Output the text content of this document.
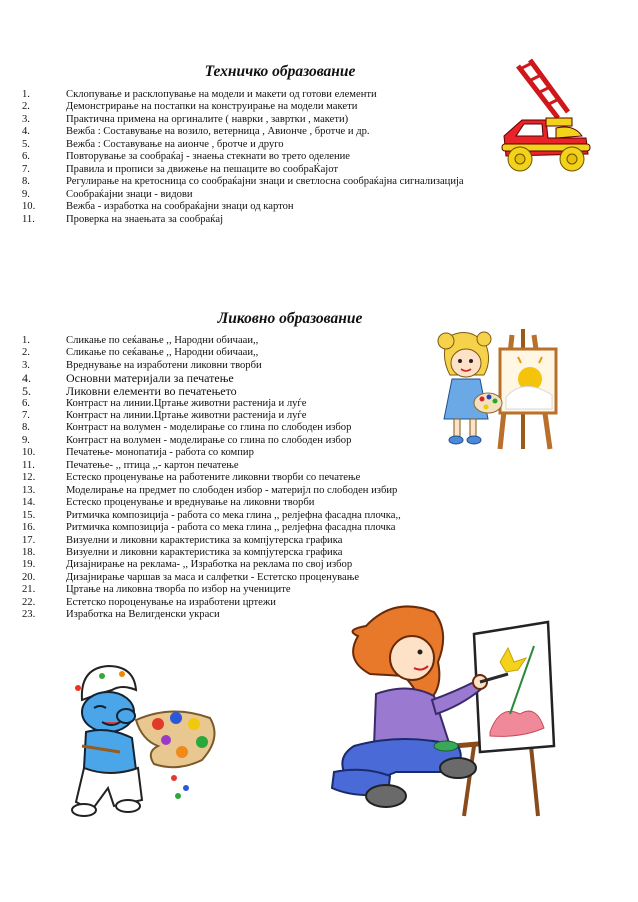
Техничко образование
1.	Склопување и расклопување на модели и макети од готови елементи
2.	Демонстрирање на постапки на конструирање на модели макети
3.	Практична примена на оргиналите ( наврки , завртки , макети)
4.	Вежба : Составување на возило, ветерница , Авионче , бротче и др.
5.	Вежба : Составување на аионче , бротче и друго
6.	Повторување за сообраќај - знаења стекнати во трето оделение
7.	Правила и прописи за движење на пешаците во сообраЌајот
8.	Регулирање на кретосница со сообраќајни знаци и светлосна сообраќајна сигнализација
9.	Сообраќајни знаци - видови
10.	Вежба - изработка на сообраќајни знаци од картон
11.	Проверка на знаењата за сообраќај
Ликовно образование
1.	Сликање по сеќавање ,, Народни обичааи,,
2.	Сликање по сеќавање ,, Народни обичааи,,
3.	Вреднување на изработени ликовни творби
4.	Основни материјали за печатење
5.	Ликовни елементи во печатењето
6.	Контраст на линии.Цртање животни растенија и луѓе
7.	Контраст на линии.Цртање животни растенија и луѓе
8.	Контраст на волумен - моделирање со глина по слободен избор
9.	Контраст на волумен - моделирање со глина по слободен избор
10.	Печатење- монопатија - работа со компир
11.	Печатење- ,, птица ,,- картон печатење
12.	Естеско проценување на работените ликовни творби со печатење
13.	Моделирање на предмет по слободен избор - материјл по слободен избир
14.	Естеско проценување и вреднување на ликовни творби
15.	Ритмичка композиција - работа со мека глина ,, релјефна фасадна плочка,,
16.	Ритмичка композиција - работа со мека глина ,, релјефна фасадна плочка
17.	Визуелни и ликовни карактеристика за компјутерска графика
18.	Визуелни и ликовни карактеристика за компјутерска графика
19.	Дизајнирање на реклама- ,, Изработка на реклама по свој избор
20.	Дизајнирање чаршав за маса и салфетки - Естетско проценување
21.	Цртање на ликовна творба по избор на учениците
22.	Естетско пороценување на изработени цртежи
23.	Изработка на Велигденски украси
